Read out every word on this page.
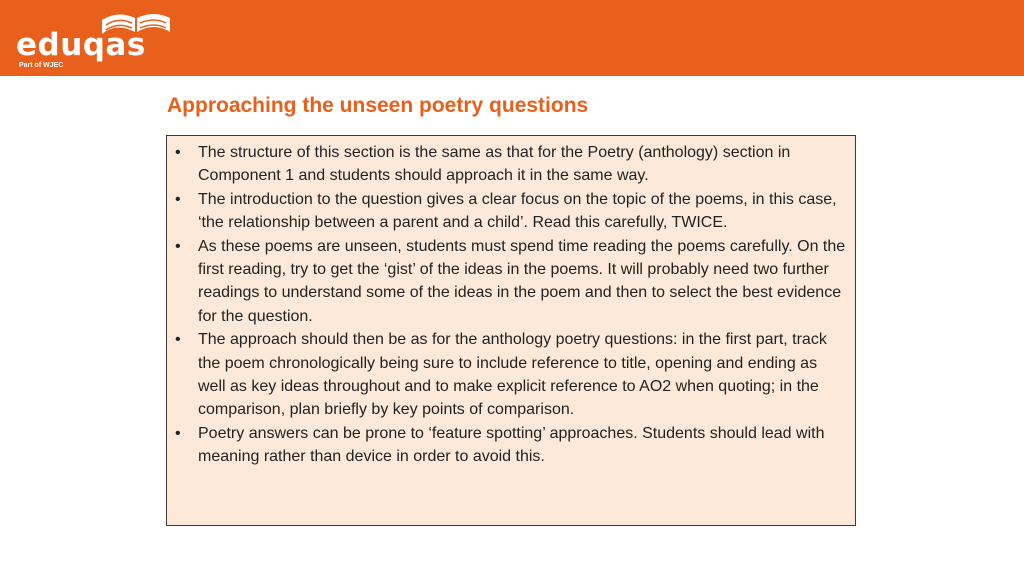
eduqas
Part of WJEC
Approaching the unseen poetry questions
• The structure of this section is the same as that for the Poetry (anthology) section in Component 1 and students should approach it in the same way.
• The introduction to the question gives a clear focus on the topic of the poems, in this case, ‘the relationship between a parent and a child’. Read this carefully, TWICE.
• As these poems are unseen, students must spend time reading the poems carefully. On the first reading, try to get the ‘gist’ of the ideas in the poems. It will probably need two further readings to understand some of the ideas in the poem and then to select the best evidence for the question.
• The approach should then be as for the anthology poetry questions: in the first part, track the poem chronologically being sure to include reference to title, opening and ending as well as key ideas throughout and to make explicit reference to AO2 when quoting; in the comparison, plan briefly by key points of comparison.
• Poetry answers can be prone to ‘feature spotting’ approaches. Students should lead with meaning rather than device in order to avoid this.
